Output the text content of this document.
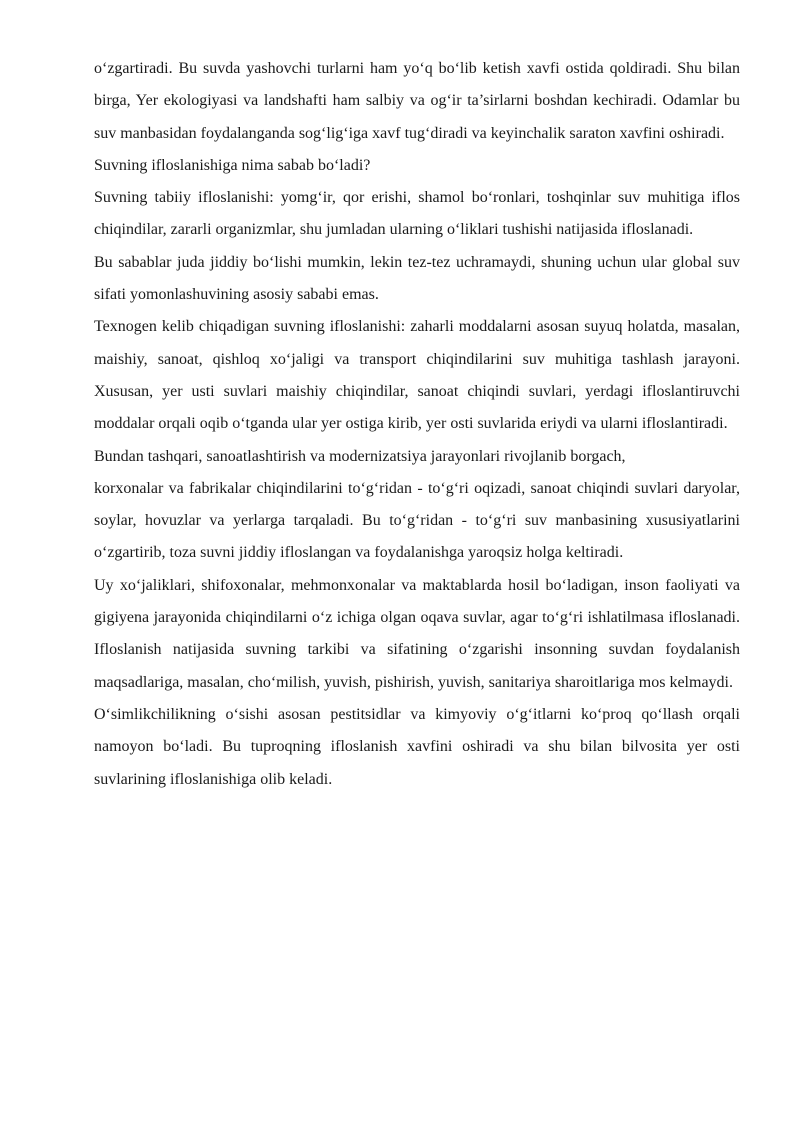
o‘zgartiradi. Bu suvda yashovchi turlarni ham yo‘q bo‘lib ketish xavfi ostida qoldiradi. Shu bilan birga, Yer ekologiyasi va landshafti ham salbiy va og‘ir ta’sirlarni boshdan kechiradi. Odamlar bu suv manbasidan foydalanganda sog‘lig‘iga xavf tug‘diradi va keyinchalik saraton xavfini oshiradi.

Suvning ifloslanishiga nima sabab bo‘ladi?

Suvning tabiiy ifloslanishi: yomg‘ir, qor erishi, shamol bo‘ronlari, toshqinlar suv muhitiga iflos chiqindilar, zararli organizmlar, shu jumladan ularning o‘liklari tushishi natijasida ifloslanadi.

Bu sabablar juda jiddiy bo‘lishi mumkin, lekin tez-tez uchramaydi, shuning uchun ular global suv sifati yomonlashuvining asosiy sababi emas.

Texnogen kelib chiqadigan suvning ifloslanishi: zaharli moddalarni asosan suyuq holatda, masalan, maishiy, sanoat, qishloq xo‘jaligi va transport chiqindilarini suv muhitiga tashlash jarayoni. Xususan, yer usti suvlari maishiy chiqindilar, sanoat chiqindi suvlari, yerdagi ifloslantiruvchi moddalar orqali oqib o‘tganda ular yer ostiga kirib, yer osti suvlarida eriydi va ularni ifloslantiradi.

Bundan tashqari, sanoatlashtirish va modernizatsiya jarayonlari rivojlanib borgach,

korxonalar va fabrikalar chiqindilarini to‘g‘ridan - to‘g‘ri oqizadi, sanoat chiqindi suvlari daryolar, soylar, hovuzlar va yerlarga tarqaladi. Bu to‘g‘ridan - to‘g‘ri suv manbasining xususiyatlarini o‘zgartirib, toza suvni jiddiy ifloslangan va foydalanishga yaroqsiz holga keltiradi.

Uy xo‘jaliklari, shifoxonalar, mehmonxonalar va maktablarda hosil bo‘ladigan, inson faoliyati va gigiyena jarayonida chiqindilarni o‘z ichiga olgan oqava suvlar, agar to‘g‘ri ishlatilmasa ifloslanadi. Ifloslanish natijasida suvning tarkibi va sifatining o‘zgarishi insonning suvdan foydalanish maqsadlariga, masalan, cho‘milish, yuvish, pishirish, yuvish, sanitariya sharoitlariga mos kelmaydi.

O‘simlikchilikning o‘sishi asosan pestitsidlar va kimyoviy o‘g‘itlarni ko‘proq qo‘llash orqali namoyon bo‘ladi. Bu tuproqning ifloslanish xavfini oshiradi va shu bilan bilvosita yer osti suvlarining ifloslanishiga olib keladi.
